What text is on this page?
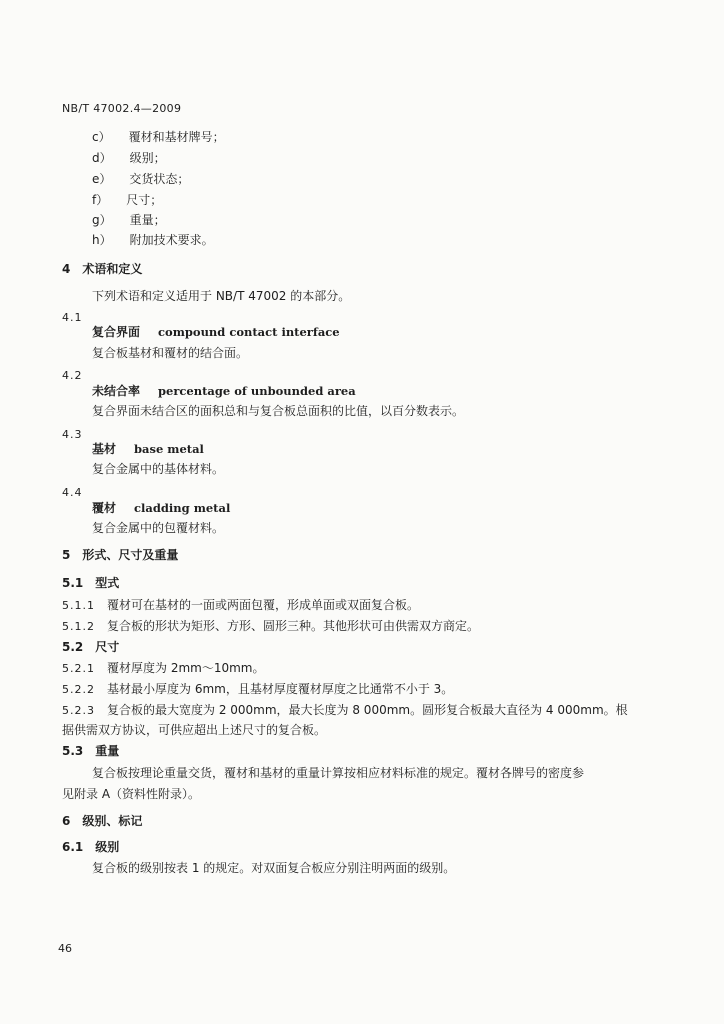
NB/T 47002.4—2009
c） 覆材和基材牌号；
d） 级别；
e） 交货状态；
f） 尺寸；
g） 重量；
h） 附加技术要求。
4　术语和定义
下列术语和定义适用于 NB/T 47002 的本部分。
4.1
复合界面 compound contact interface
复合板基材和覆材的结合面。
4.2
未结合率 percentage of unbounded area
复合界面未结合区的面积总和与复合板总面积的比值，以百分数表示。
4.3
基材 base metal
复合金属中的基体材料。
4.4
覆材 cladding metal
复合金属中的包覆材料。
5　形式、尺寸及重量
5.1　型式
5.1.1 覆材可在基材的一面或两面包覆，形成单面或双面复合板。
5.1.2 复合板的形状为矩形、方形、圆形三种。其他形状可由供需双方商定。
5.2　尺寸
5.2.1 覆材厚度为 2mm～10mm。
5.2.2 基材最小厚度为 6mm，且基材厚度覆材厚度之比通常不小于 3。
5.2.3 复合板的最大宽度为 2 000mm，最大长度为 8 000mm。圆形复合板最大直径为 4 000mm。根
据供需双方协议，可供应超出上述尺寸的复合板。
5.3　重量
复合板按理论重量交货，覆材和基材的重量计算按相应材料标准的规定。覆材各牌号的密度参
见附录 A（资料性附录）。
6　级别、标记
6.1　级别
复合板的级别按表 1 的规定。对双面复合板应分别注明两面的级别。
46
